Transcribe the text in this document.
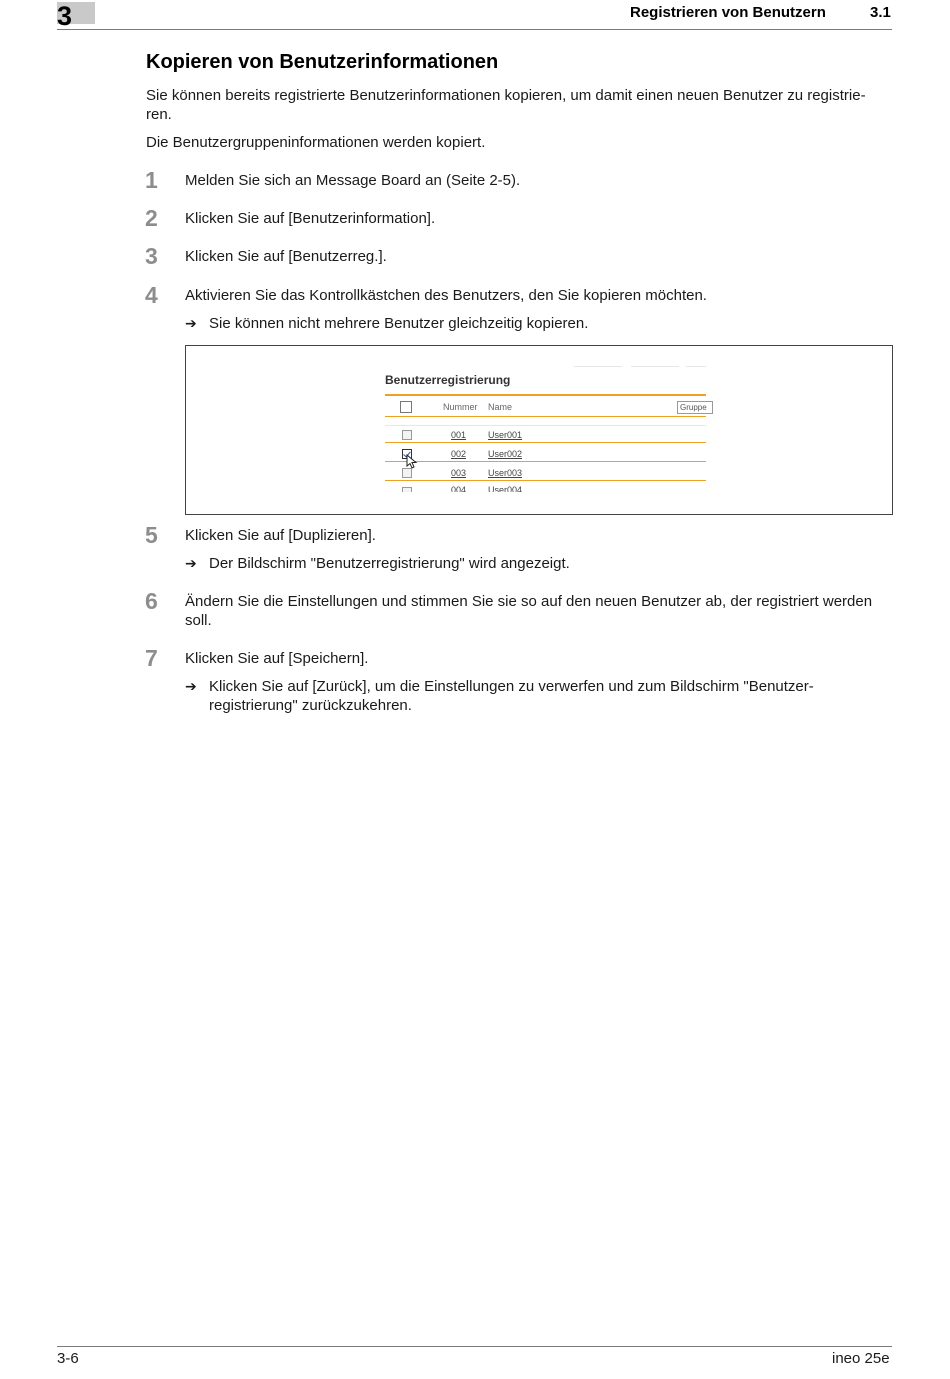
3	Registrieren von Benutzern	3.1
Kopieren von Benutzerinformationen
Sie können bereits registrierte Benutzerinformationen kopieren, um damit einen neuen Benutzer zu registrie-
ren.
Die Benutzergruppeninformationen werden kopiert.
1 Melden Sie sich an Message Board an (Seite 2-5).
2 Klicken Sie auf [Benutzerinformation].
3 Klicken Sie auf [Benutzerreg.].
4 Aktivieren Sie das Kontrollkästchen des Benutzers, den Sie kopieren möchten.
➔ Sie können nicht mehrere Benutzer gleichzeitig kopieren.
Benutzerregistrierung
Nummer Name	Gruppe
001 User001
002 User002
003 User003
004 User004
5 Klicken Sie auf [Duplizieren].
➔ Der Bildschirm "Benutzerregistrierung" wird angezeigt.
6 Ändern Sie die Einstellungen und stimmen Sie sie so auf den neuen Benutzer ab, der registriert werden
soll.
7 Klicken Sie auf [Speichern].
➔ Klicken Sie auf [Zurück], um die Einstellungen zu verwerfen und zum Bildschirm "Benutzer-
registrierung" zurückzukehren.
3-6	ineo 25e
